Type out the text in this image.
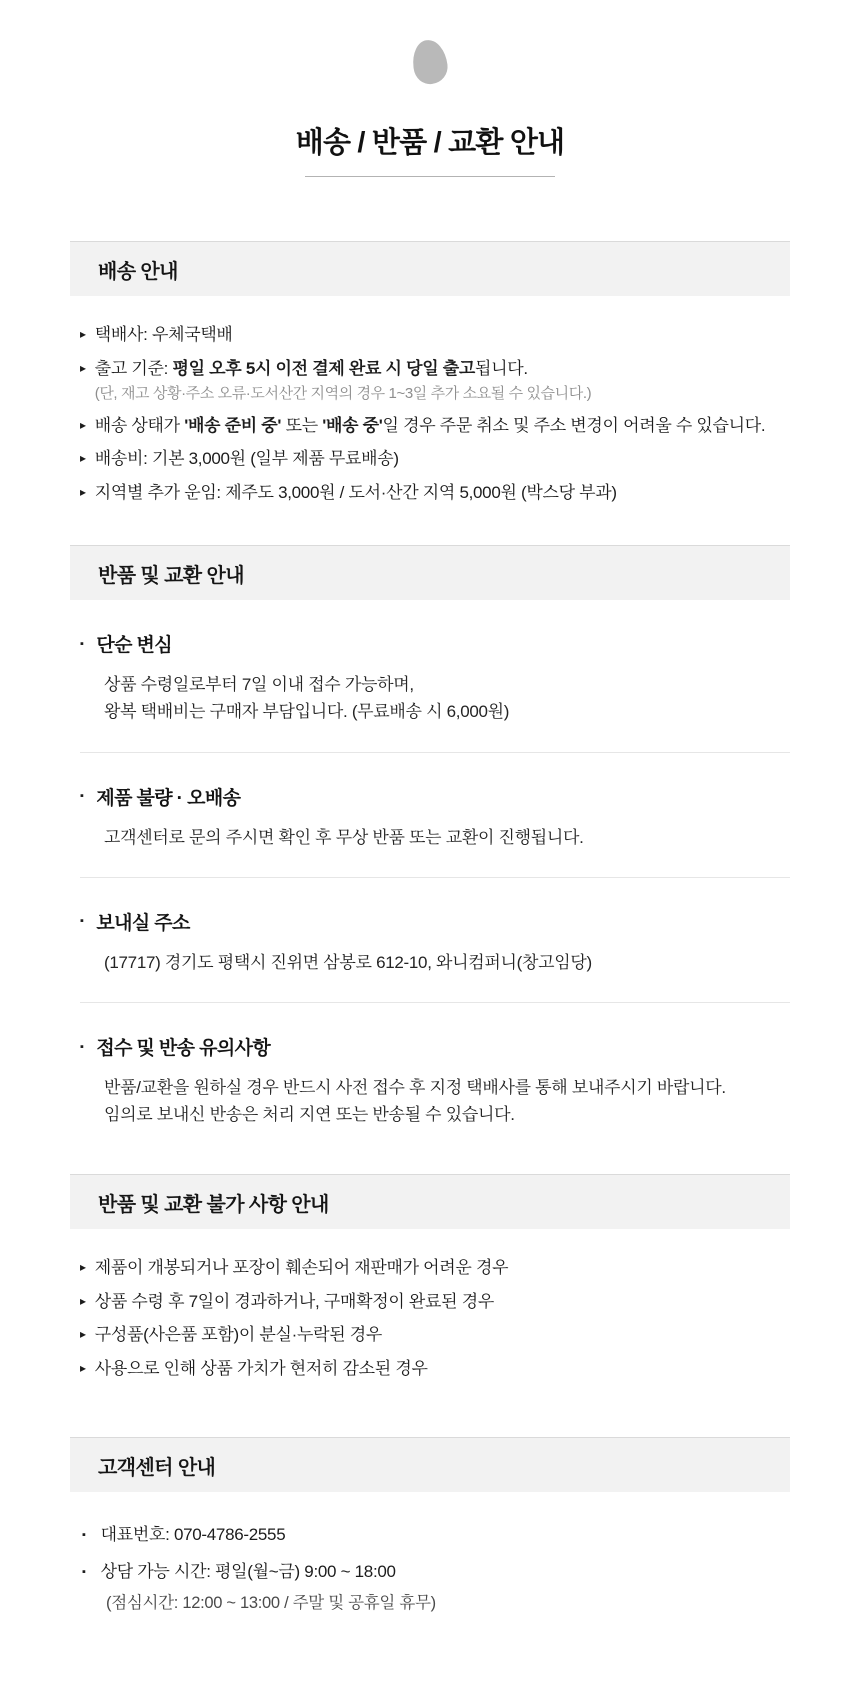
배송 / 반품 / 교환 안내
배송 안내
▸ 택배사: 우체국택배

▸ 출고 기준: 평일 오후 5시 이전 결제 완료 시 당일 출고됩니다.

(단, 재고 상황·주소 오류·도서산간 지역의 경우 1~3일 추가 소요될 수 있습니다.)

▸ 배송 상태가 '배송 준비 중' 또는 '배송 중'일 경우 주문 취소 및 주소 변경이 어려울 수 있습니다.

▸ 배송비: 기본 3,000원 (일부 제품 무료배송)

▸ 지역별 추가 운임: 제주도 3,000원 / 도서·산간 지역 5,000원 (박스당 부과)

반품 및 교환 안내
▪ 단순 변심

상품 수령일로부터 7일 이내 접수 가능하며,

왕복 택배비는 구매자 부담입니다. (무료배송 시 6,000원)

▪ 제품 불량 · 오배송

고객센터로 문의 주시면 확인 후 무상 반품 또는 교환이 진행됩니다.

▪ 보내실 주소

(17717) 경기도 평택시 진위면 삼봉로 612-10, 와니컴퍼니(창고임당)

▪ 접수 및 반송 유의사항

반품/교환을 원하실 경우 반드시 사전 접수 후 지정 택배사를 통해 보내주시기 바랍니다.

임의로 보내신 반송은 처리 지연 또는 반송될 수 있습니다.

반품 및 교환 불가 사항 안내
▸ 제품이 개봉되거나 포장이 훼손되어 재판매가 어려운 경우

▸ 상품 수령 후 7일이 경과하거나, 구매확정이 완료된 경우

▸ 구성품(사은품 포함)이 분실·누락된 경우

▸ 사용으로 인해 상품 가치가 현저히 감소된 경우

고객센터 안내
▪ 대표번호: 070-4786-2555

▪ 상담 가능 시간: 평일(월~금) 9:00 ~ 18:00

(점심시간: 12:00 ~ 13:00 / 주말 및 공휴일 휴무)
